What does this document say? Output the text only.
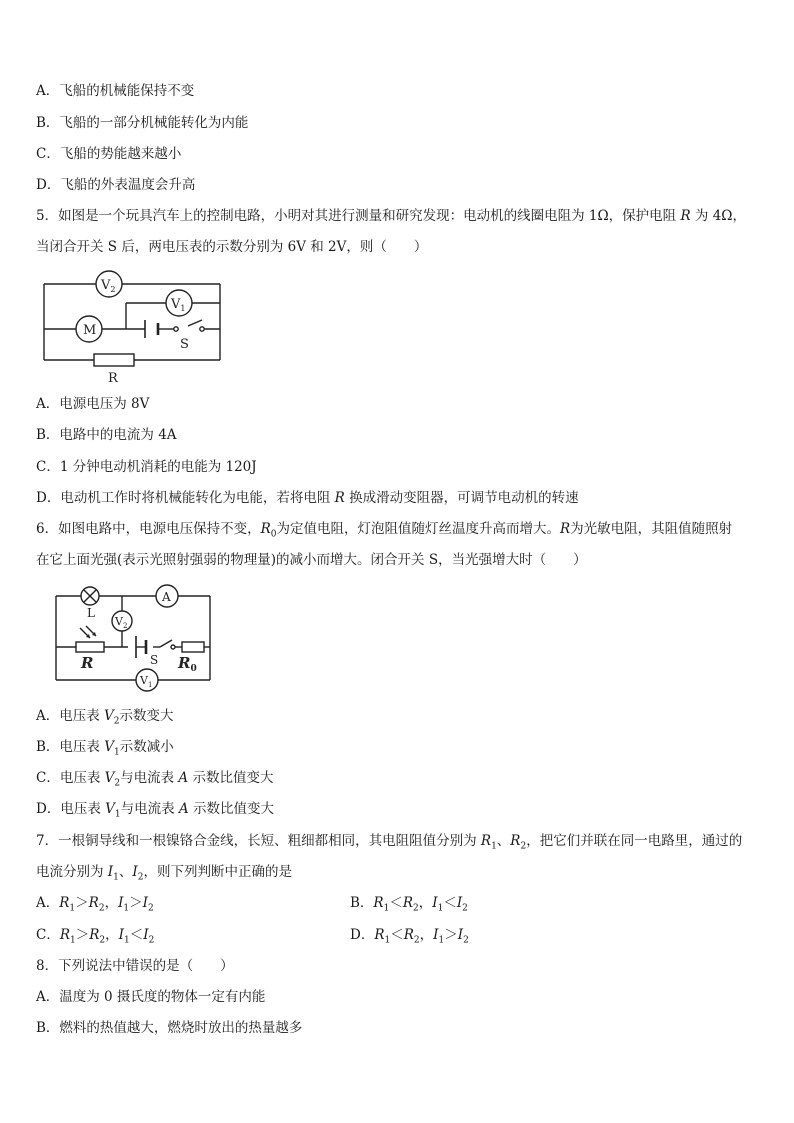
A．飞船的机械能保持不变
B．飞船的一部分机械能转化为内能
C．飞船的势能越来越小
D．飞船的外表温度会升高
5．如图是一个玩具汽车上的控制电路，小明对其进行测量和研究发现：电动机的线圈电阻为 1Ω，保护电阻 R 为 4Ω，
当闭合开关 S 后，两电压表的示数分别为 6V 和 2V，则（　　）
$V_2$
$V_1$
M
S
R
A．电源电压为 8V
B．电路中的电流为 4A
C．1 分钟电动机消耗的电能为 120J
D．电动机工作时将机械能转化为电能，若将电阻 R 换成滑动变阻器，可调节电动机的转速
6．如图电路中，电源电压保持不变，$R_0$为定值电阻，灯泡阻值随灯丝温度升高而增大。R为光敏电阻，其阻值随照射
在它上面光强(表示光照射强弱的物理量)的减小而增大。闭合开关 S，当光强增大时（　　）
L
A
$V_2$
$V_1$
R	S $R_0$
A．电压表 $V_2$示数变大
B．电压表 $V_1$示数减小
C．电压表 $V_2$与电流表 A 示数比值变大
D．电压表 $V_1$与电流表 A 示数比值变大
7．一根铜导线和一根镍铬合金线，长短、粗细都相同，其电阻阻值分别为 $R_1$、$R_2$，把它们并联在同一电路里，通过的
电流分别为 $I_1$、$I_2$，则下列判断中正确的是
A．$R_1>R_2$，$I_1>I_2$	B．$R_1<R_2$，$I_1<I_2$
C．$R_1>R_2$，$I_1<I_2$	D．$R_1<R_2$，$I_1>I_2$
8．下列说法中错误的是（　　）
A．温度为 0 摄氏度的物体一定有内能
B．燃料的热值越大，燃烧时放出的热量越多
